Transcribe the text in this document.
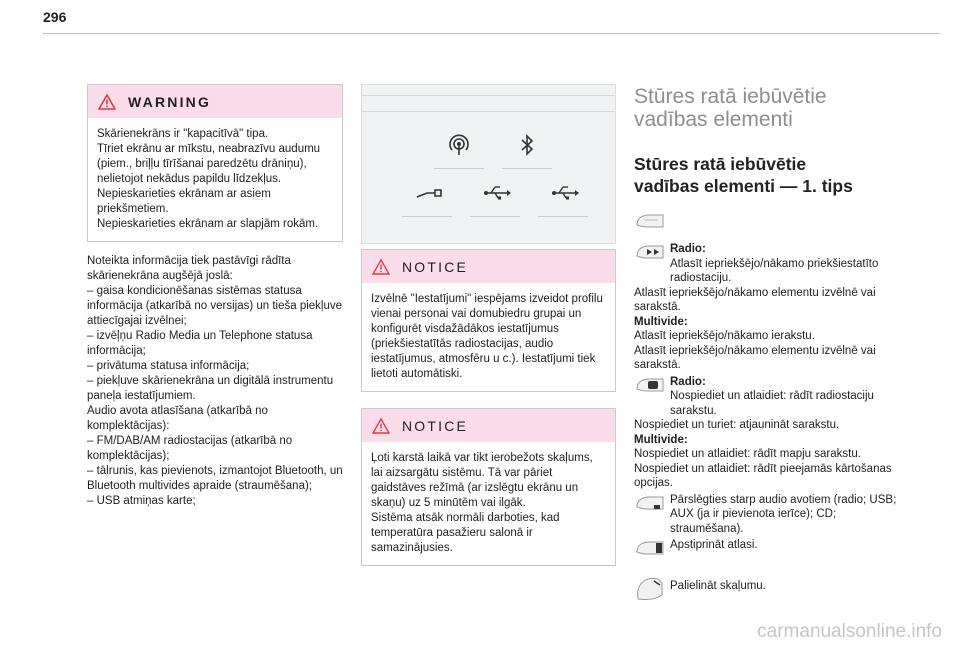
296
WARNING
Skārienekrāns ir "kapacitīvā" tipa.
Tīriet ekrānu ar mīkstu, neabrazīvu audumu (piem., briļļu tīrīšanai paredzētu drāniņu), nelietojot nekādus papildu līdzekļus.
Nepieskarieties ekrānam ar asiem priekšmetiem.
Nepieskarieties ekrānam ar slapjām rokām.
Noteikta informācija tiek pastāvīgi rādīta skārienekrāna augšējā joslā:
– gaisa kondicionēšanas sistēmas statusa informācija (atkarībā no versijas) un tieša piekļuve attiecīgajai izvēlnei;
– izvēļņu Radio Media un Telephone statusa informācija;
– privātuma statusa informācija;
– piekļuve skārienekrāna un digitālā instrumentu paneļa iestatījumiem.
Audio avota atlasīšana (atkarībā no komplektācijas):
– FM/DAB/AM radiostacijas (atkarībā no komplektācijas);
– tālrunis, kas pievienots, izmantojot Bluetooth, un Bluetooth multivides apraide (straumēšana);
– USB atmiņas karte;
NOTICE
Izvēlnē "Iestatījumi" iespējams izveidot profilu vienai personai vai domubiedru grupai un konfigurēt visdažādākos iestatījumus (priekšiestatītās radiostacijas, audio iestatījumus, atmosfēru u c.). Iestatījumi tiek lietoti automātiski.
NOTICE
Ļoti karstā laikā var tikt ierobežots skaļums, lai aizsargātu sistēmu. Tā var pāriet gaidstāves režīmā (ar izslēgtu ekrānu un skaņu) uz 5 minūtēm vai ilgāk.
Sistēma atsāk normāli darboties, kad temperatūra pasažieru salonā ir samazinājusies.
Stūres ratā iebūvētie
vadības elementi
Stūres ratā iebūvētie
vadības elementi — 1. tips
Radio:
Atlasīt iepriekšējo/nākamo priekšiestatīto radiostaciju.
Atlasīt iepriekšējo/nākamo elementu izvēlnē vai sarakstā.
Multivide:
Atlasīt iepriekšējo/nākamo ierakstu.
Atlasīt iepriekšējo/nākamo elementu izvēlnē vai sarakstā.
Radio:
Nospiediet un atlaidiet: rādīt radiostaciju sarakstu.
Nospiediet un turiet: atjaunināt sarakstu.
Multivide:
Nospiediet un atlaidiet: rādīt mapju sarakstu.
Nospiediet un atlaidiet: rādīt pieejamās kārtošanas opcijas.
Pārslēgties starp audio avotiem (radio; USB; AUX (ja ir pievienota ierīce); CD; straumēšana).
Apstiprināt atlasi.
Palielināt skaļumu.
carmanualsonline.info
